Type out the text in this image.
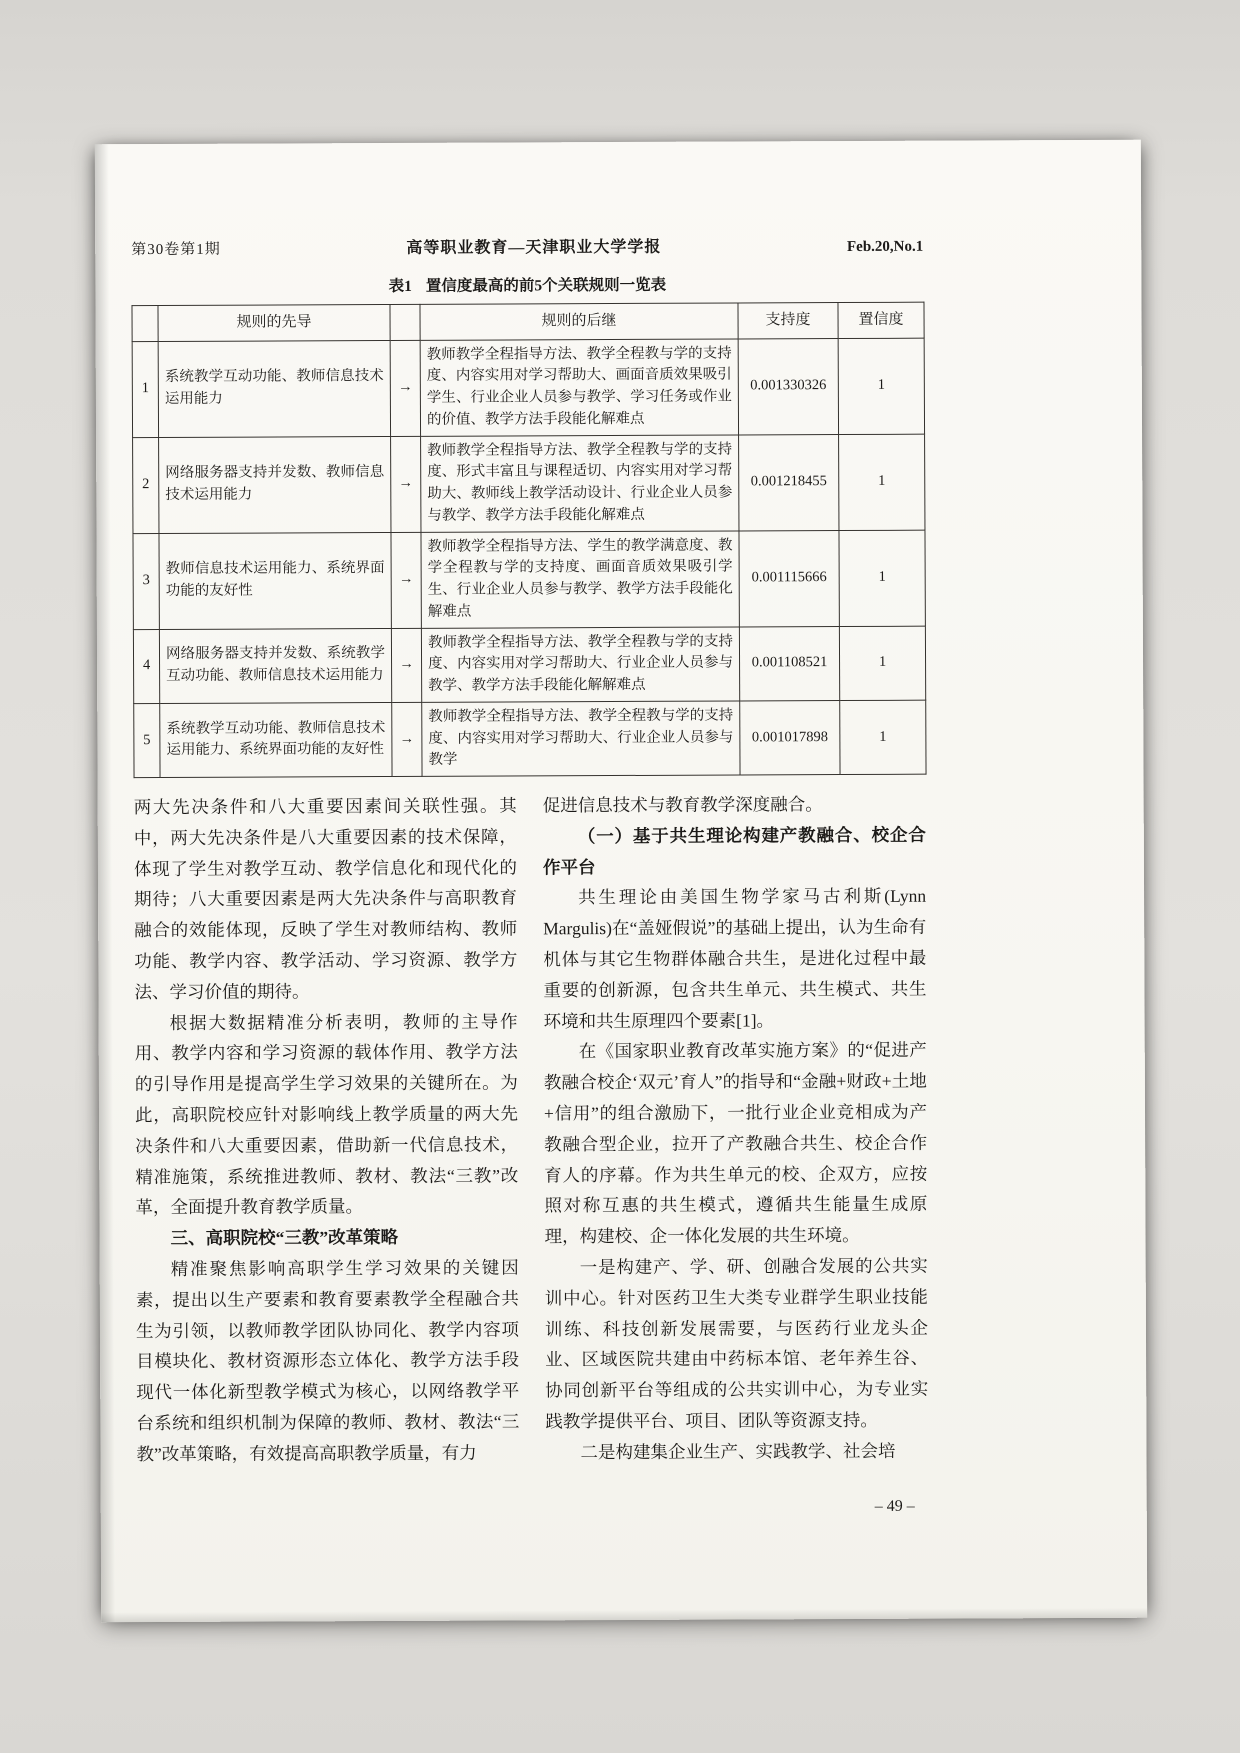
第30卷第1期	高等职业教育—天津职业大学学报	Feb.20,No.1
表1 置信度最高的前5个关联规则一览表
	规则的先导		规则的后继	支持度	置信度
1	系统教学互动功能、教师信息技术运用能力	→	教师教学全程指导方法、教学全程教与学的支持度、内容实用对学习帮助大、画面音质效果吸引学生、行业企业人员参与教学、学习任务或作业的价值、教学方法手段能化解难点	0.001330326	1
2	网络服务器支持并发数、教师信息技术运用能力	→	教师教学全程指导方法、教学全程教与学的支持度、形式丰富且与课程适切、内容实用对学习帮助大、教师线上教学活动设计、行业企业人员参与教学、教学方法手段能化解难点	0.001218455	1
3	教师信息技术运用能力、系统界面功能的友好性	→	教师教学全程指导方法、学生的教学满意度、教学全程教与学的支持度、画面音质效果吸引学生、行业企业人员参与教学、教学方法手段能化解难点	0.001115666	1
4	网络服务器支持并发数、系统教学互动功能、教师信息技术运用能力	→	教师教学全程指导方法、教学全程教与学的支持度、内容实用对学习帮助大、行业企业人员参与教学、教学方法手段能化解解难点	0.001108521	1
5	系统教学互动功能、教师信息技术运用能力、系统界面功能的友好性	→	教师教学全程指导方法、教学全程教与学的支持度、内容实用对学习帮助大、行业企业人员参与教学	0.001017898	1

两大先决条件和八大重要因素间关联性强。其中，两大先决条件是八大重要因素的技术保障，体现了学生对教学互动、教学信息化和现代化的期待；八大重要因素是两大先决条件与高职教育融合的效能体现，反映了学生对教师结构、教师功能、教学内容、教学活动、学习资源、教学方法、学习价值的期待。

根据大数据精准分析表明，教师的主导作用、教学内容和学习资源的载体作用、教学方法的引导作用是提高学生学习效果的关键所在。为此，高职院校应针对影响线上教学质量的两大先决条件和八大重要因素，借助新一代信息技术，精准施策，系统推进教师、教材、教法“三教”改革，全面提升教育教学质量。

三、高职院校“三教”改革策略

精准聚焦影响高职学生学习效果的关键因素，提出以生产要素和教育要素教学全程融合共生为引领，以教师教学团队协同化、教学内容项目模块化、教材资源形态立体化、教学方法手段现代一体化新型教学模式为核心，以网络教学平台系统和组织机制为保障的教师、教材、教法“三教”改革策略，有效提高高职教学质量，有力

促进信息技术与教育教学深度融合。

（一）基于共生理论构建产教融合、校企合作平台

共生理论由美国生物学家马古利斯(Lynn Margulis)在“盖娅假说”的基础上提出，认为生命有机体与其它生物群体融合共生，是进化过程中最重要的创新源，包含共生单元、共生模式、共生环境和共生原理四个要素[1]。

在《国家职业教育改革实施方案》的“促进产教融合校企‘双元’育人”的指导和“金融+财政+土地+信用”的组合激励下，一批行业企业竞相成为产教融合型企业，拉开了产教融合共生、校企合作育人的序幕。作为共生单元的校、企双方，应按照对称互惠的共生模式，遵循共生能量生成原理，构建校、企一体化发展的共生环境。

一是构建产、学、研、创融合发展的公共实训中心。针对医药卫生大类专业群学生职业技能训练、科技创新发展需要，与医药行业龙头企业、区域医院共建由中药标本馆、老年养生谷、协同创新平台等组成的公共实训中心，为专业实践教学提供平台、项目、团队等资源支持。

二是构建集企业生产、实践教学、社会培

– 49 –
